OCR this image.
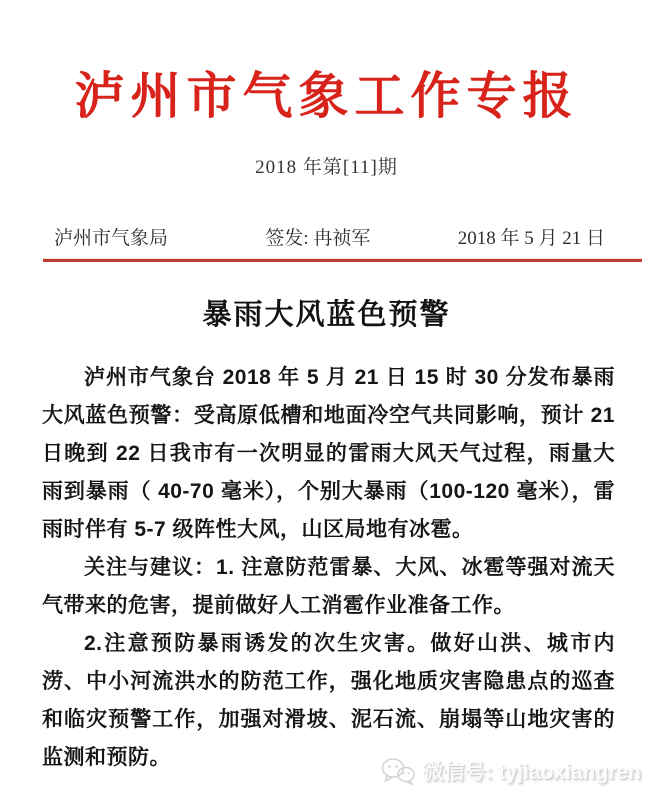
泸州市气象工作专报
2018 年第[11]期
泸州市气象局	签发: 冉祯军	2018 年 5 月 21 日
暴雨大风蓝色预警

泸州市气象台 2018 年 5 月 21 日 15 时 30 分发布暴雨大风蓝色预警：受高原低槽和地面冷空气共同影响，预计 21 日晚到 22 日我市有一次明显的雷雨大风天气过程，雨量大雨到暴雨（ 40-70 毫米），个别大暴雨（100-120 毫米），雷雨时伴有 5-7 级阵性大风，山区局地有冰雹。

关注与建议：1. 注意防范雷暴、大风、冰雹等强对流天气带来的危害，提前做好人工消雹作业准备工作。

2.注意预防暴雨诱发的次生灾害。做好山洪、城市内涝、中小河流洪水的防范工作，强化地质灾害隐患点的巡查和临灾预警工作，加强对滑坡、泥石流、崩塌等山地灾害的监测和预防。

微信号: tyjiaoxiangren
